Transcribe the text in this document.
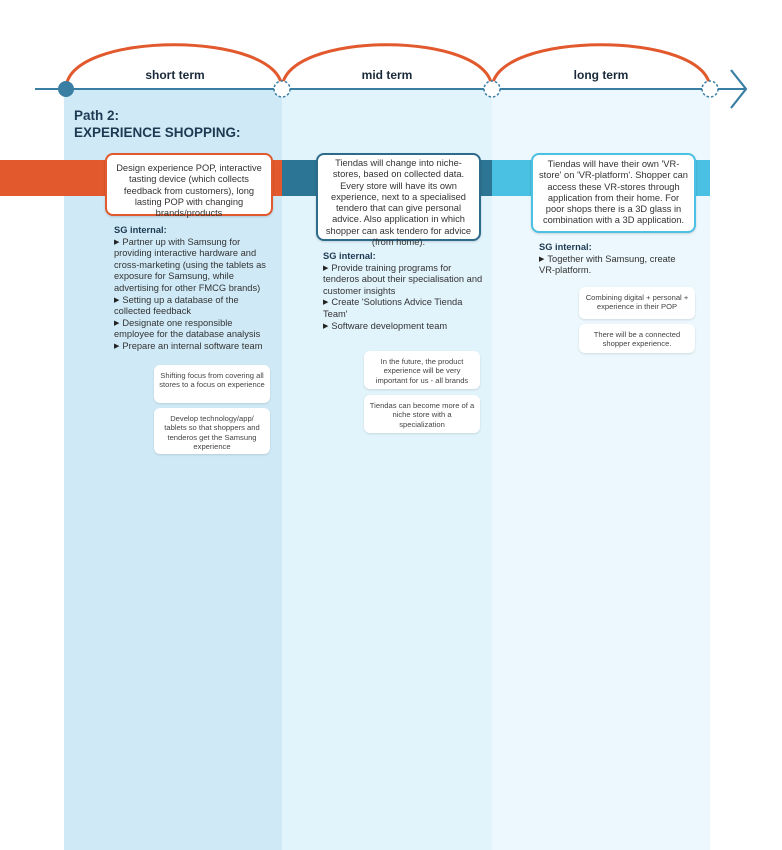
short term	mid term	long term
Path 2:
EXPERIENCE SHOPPING:
Design experience POP, interactive tasting device (which collects feedback from customers), long lasting POP with changing brands/products
Tiendas will change into niche-stores, based on collected data. Every store will have its own experience, next to a specialised tendero that can give personal advice. Also application in which shopper can ask tendero for advice (from home).
Tiendas will have their own 'VR-store' on 'VR-platform'. Shopper can access these VR-stores through application from their home. For poor shops there is a 3D glass in combination with a 3D application.
SG internal:
▶ Partner up with Samsung for providing interactive hardware and cross-marketing (using the tablets as exposure for Samsung, while advertising for other FMCG brands)
▶ Setting up a database of the collected feedback
▶ Designate one responsible employee for the database analysis
▶ Prepare an internal software team
SG internal:
▶ Provide training programs for tenderos about their specialisation and customer insights
▶ Create 'Solutions Advice Tienda Team'
▶ Software development team
SG internal:
▶ Together with Samsung, create VR-platform.
Shifting focus from covering all stores to a focus on experience
Develop technology/app/ tablets so that shoppers and tenderos get the Samsung experience
In the future, the product experience will be very important for us - all brands
Tiendas can become more of a niche store with a specialization
Combining digital + personal + experience in their POP
There will be a connected shopper experience.
